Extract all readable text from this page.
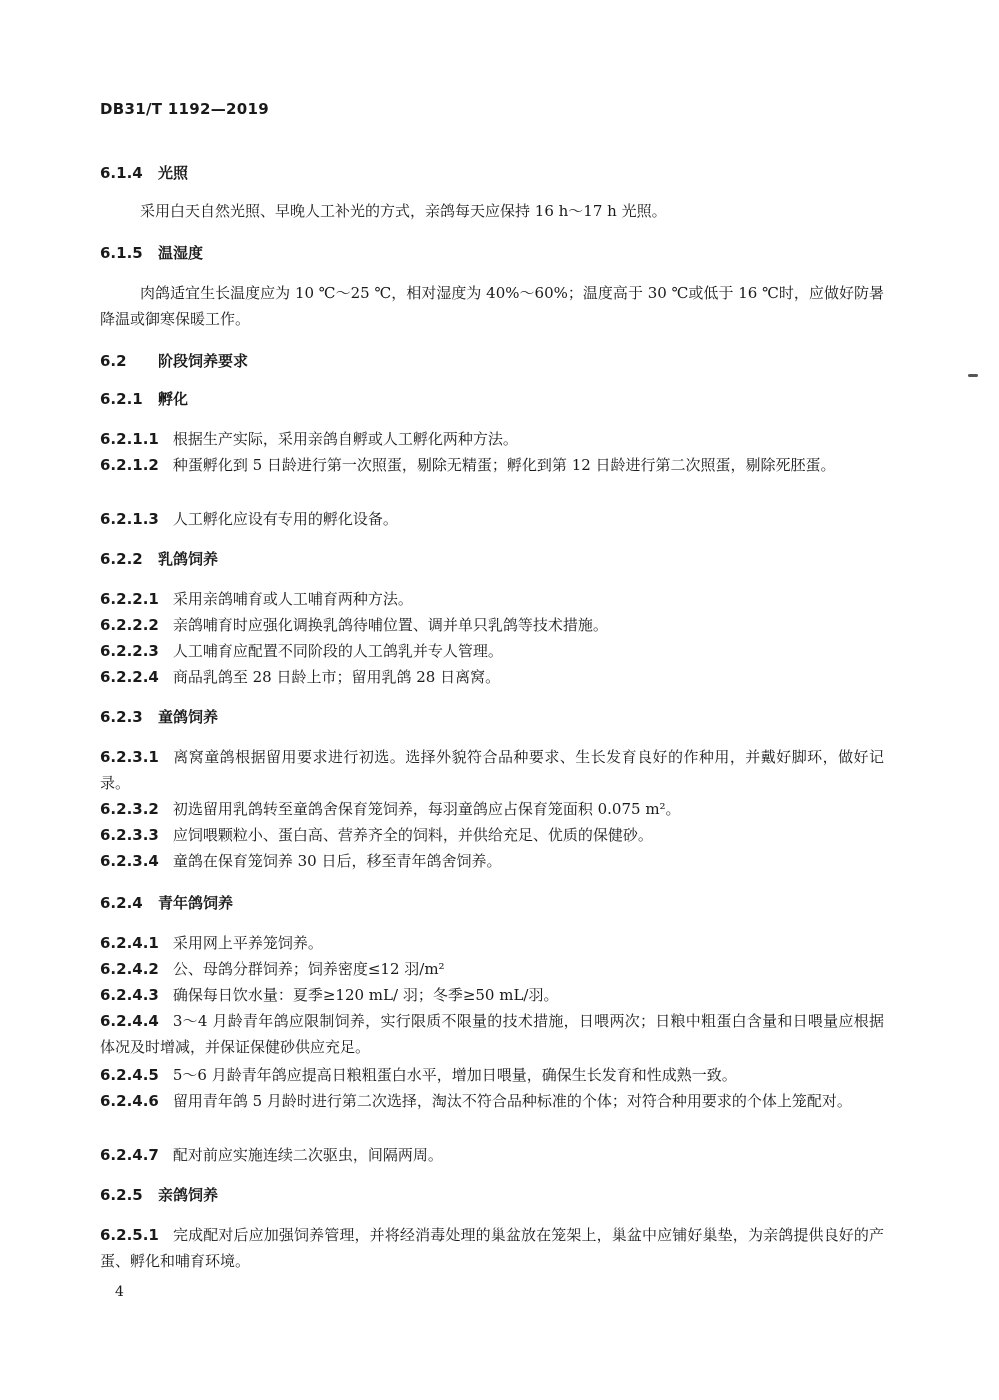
DB31/T 1192—2019
6.1.4 光照
采用白天自然光照、早晚人工补光的方式，亲鸽每天应保持 16 h～17 h 光照。
6.1.5 温湿度
肉鸽适宜生长温度应为 10 ℃～25 ℃，相对湿度为 40%～60%；温度高于 30 ℃或低于 16 ℃时，应做好防暑降温或御寒保暖工作。
6.2 阶段饲养要求
6.2.1 孵化
6.2.1.1 根据生产实际，采用亲鸽自孵或人工孵化两种方法。
6.2.1.2 种蛋孵化到 5 日龄进行第一次照蛋，剔除无精蛋；孵化到第 12 日龄进行第二次照蛋，剔除死胚蛋。
6.2.1.3 人工孵化应设有专用的孵化设备。
6.2.2 乳鸽饲养
6.2.2.1 采用亲鸽哺育或人工哺育两种方法。
6.2.2.2 亲鸽哺育时应强化调换乳鸽待哺位置、调并单只乳鸽等技术措施。
6.2.2.3 人工哺育应配置不同阶段的人工鸽乳并专人管理。
6.2.2.4 商品乳鸽至 28 日龄上市；留用乳鸽 28 日离窝。
6.2.3 童鸽饲养
6.2.3.1 离窝童鸽根据留用要求进行初选。选择外貌符合品种要求、生长发育良好的作种用，并戴好脚环，做好记录。
6.2.3.2 初选留用乳鸽转至童鸽舍保育笼饲养，每羽童鸽应占保育笼面积 0.075 m²。
6.2.3.3 应饲喂颗粒小、蛋白高、营养齐全的饲料，并供给充足、优质的保健砂。
6.2.3.4 童鸽在保育笼饲养 30 日后，移至青年鸽舍饲养。
6.2.4 青年鸽饲养
6.2.4.1 采用网上平养笼饲养。
6.2.4.2 公、母鸽分群饲养；饲养密度≤12 羽/m²
6.2.4.3 确保每日饮水量：夏季≥120 mL/ 羽；冬季≥50 mL/羽。
6.2.4.4 3～4 月龄青年鸽应限制饲养，实行限质不限量的技术措施，日喂两次；日粮中粗蛋白含量和日喂量应根据体况及时增减，并保证保健砂供应充足。
6.2.4.5 5～6 月龄青年鸽应提高日粮粗蛋白水平，增加日喂量，确保生长发育和性成熟一致。
6.2.4.6 留用青年鸽 5 月龄时进行第二次选择，淘汰不符合品种标准的个体；对符合种用要求的个体上笼配对。
6.2.4.7 配对前应实施连续二次驱虫，间隔两周。
6.2.5 亲鸽饲养
6.2.5.1 完成配对后应加强饲养管理，并将经消毒处理的巢盆放在笼架上，巢盆中应铺好巢垫，为亲鸽提供良好的产蛋、孵化和哺育环境。
4
